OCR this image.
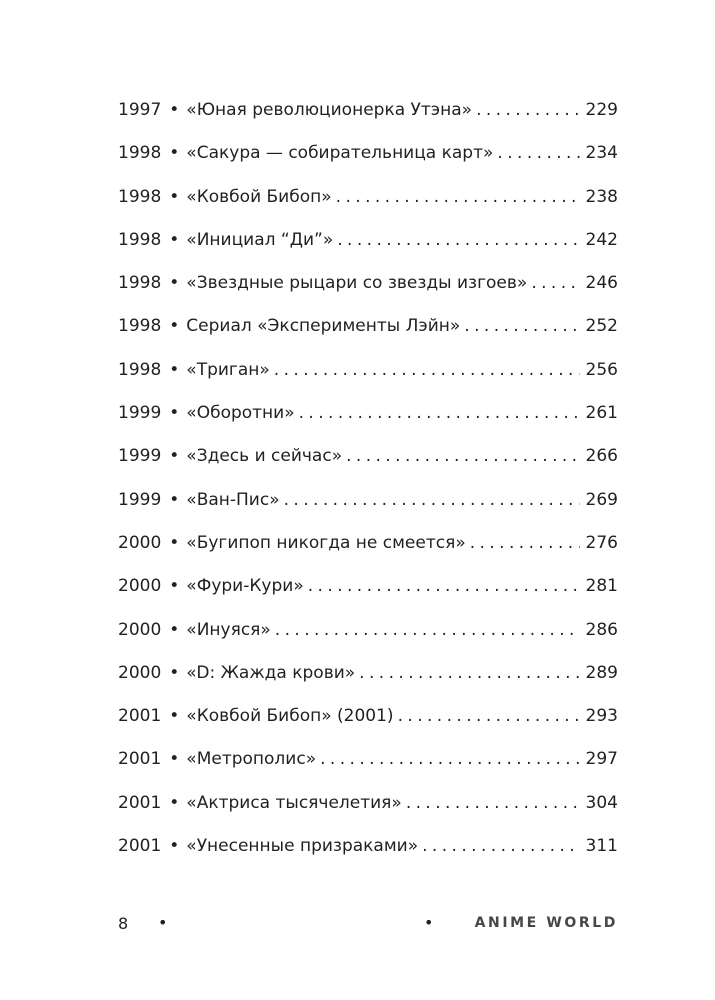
1997 • «Юная революционерка Утэна» . . .	229
1998 • «Сакура — собирательница карт» . . .	234
1998 • «Ковбой Бибоп» . . .	238
1998 • «Инициал “Ди”» . . .	242
1998 • «Звездные рыцари со звезды изгоев» . . .	246
1998 • Сериал «Эксперименты Лэйн» . . .	252
1998 • «Триган» . . .	256
1999 • «Оборотни» . . .	261
1999 • «Здесь и сейчас» . . .	266
1999 • «Ван-Пис» . . .	269
2000 • «Бугипоп никогда не смеется» . . .	276
2000 • «Фури-Кури» . . .	281
2000 • «Инуяся» . . .	286
2000 • «D: Жажда крови» . . .	289
2001 • «Ковбой Бибоп» (2001) . . .	293
2001 • «Метрополис» . . .	297
2001 • «Актриса тысячелетия» . . .	304
2001 • «Унесенные призраками» . . .	311
8 •	•	ANIME WORLD
